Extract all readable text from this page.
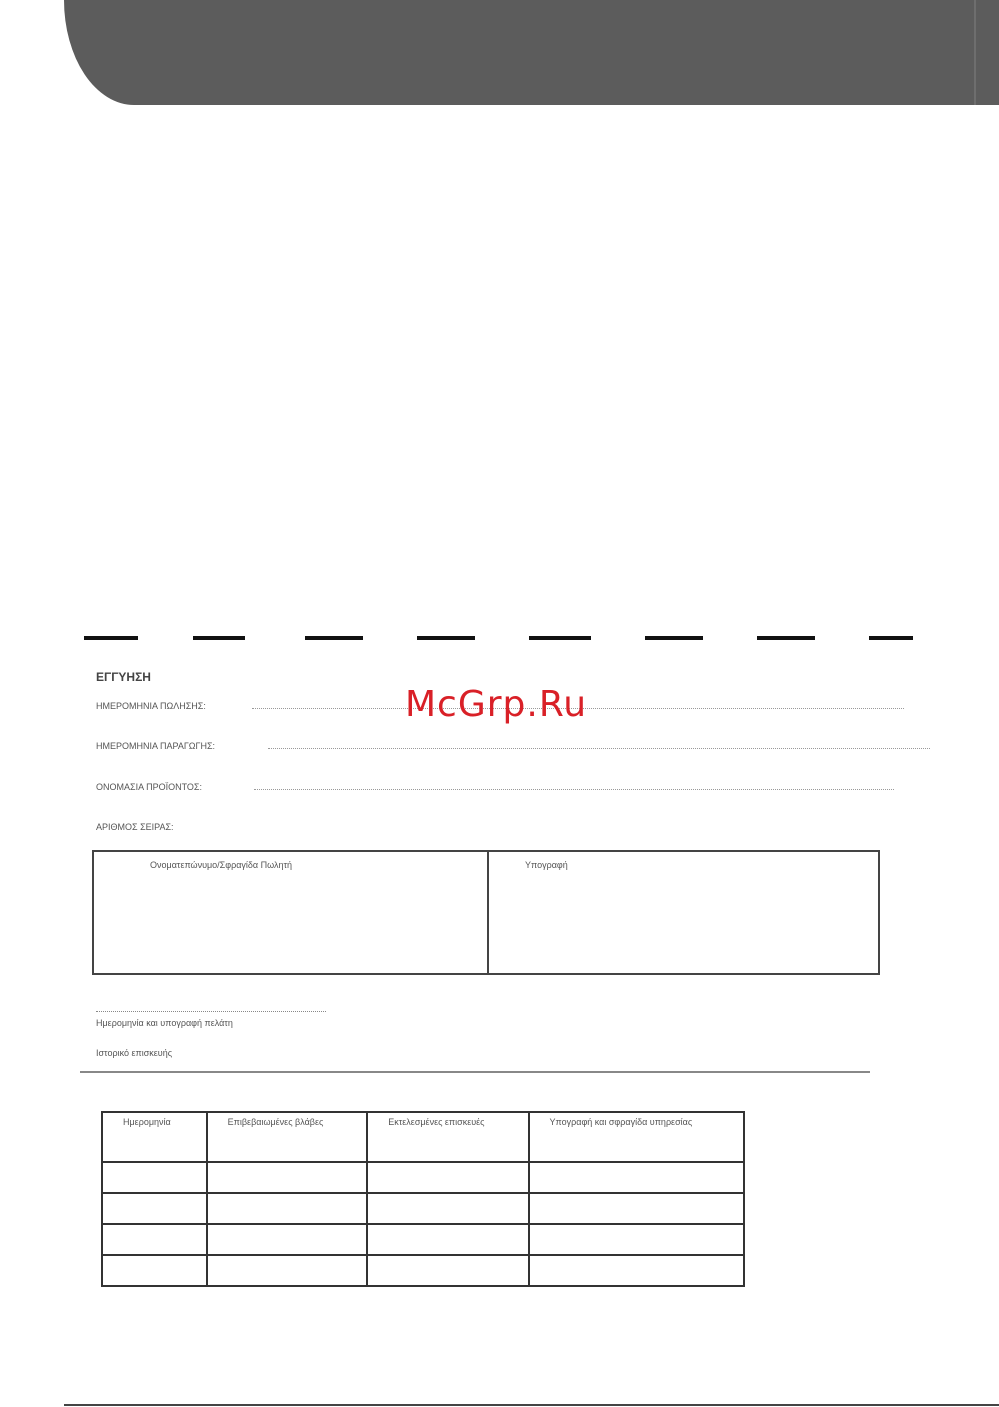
ΕΓΓΥΗΣΗ
ΗΜΕΡΟΜΗΝΙΑ ΠΩΛΗΣΗΣ:
ΗΜΕΡΟΜΗΝΙΑ ΠΑΡΑΓΩΓΗΣ:
ΟΝΟΜΑΣΙΑ ΠΡΟΪΟΝΤΟΣ:
ΑΡΙΘΜΟΣ ΣΕΙΡΑΣ:
McGrp.Ru
Ονοματεπώνυμο/Σφραγίδα Πωλητή	Υπογραφή
Ημερομηνία και υπογραφή πελάτη
Ιστορικό επισκευής
Ημερομηνία	Επιβεβαιωμένες βλάβες	Εκτελεσμένες επισκευές	Υπογραφή και σφραγίδα υπηρεσίας
